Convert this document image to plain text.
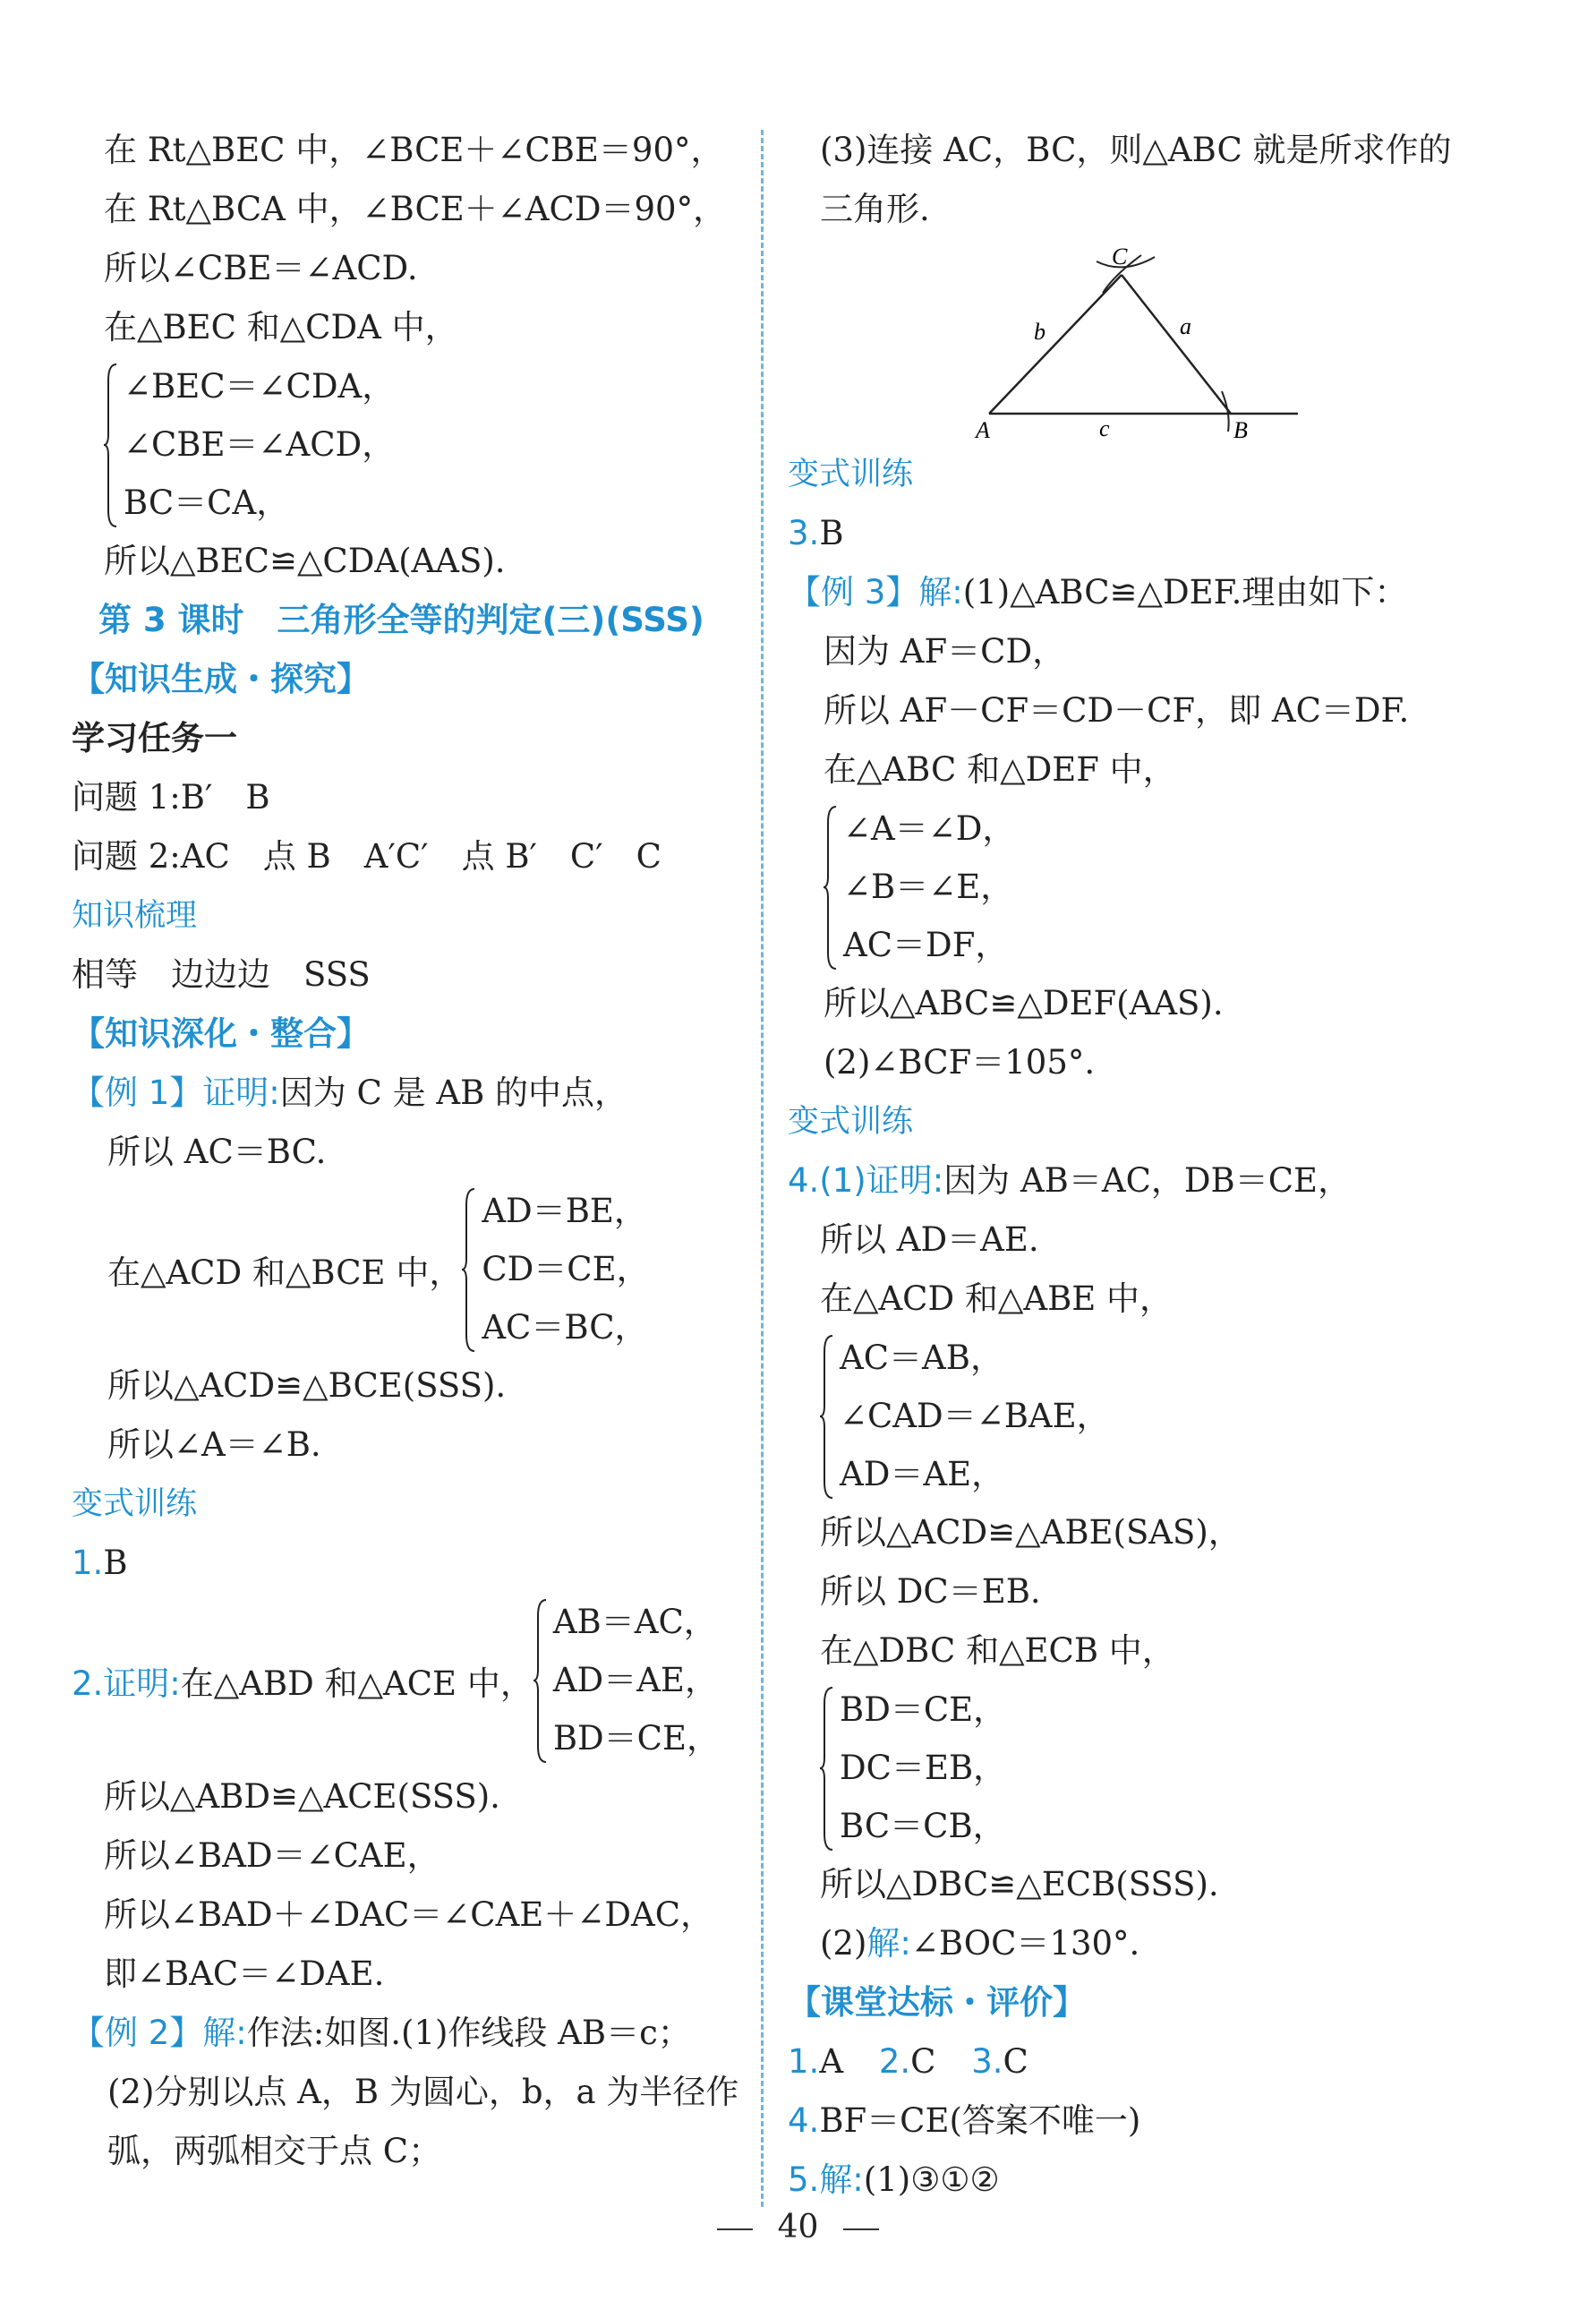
在 Rt△BEC 中，∠BCE＋∠CBE＝90°，
在 Rt△BCA 中，∠BCE＋∠ACD＝90°，
所以∠CBE＝∠ACD.
在△BEC 和△CDA 中，
∠BEC＝∠CDA，
∠CBE＝∠ACD，
BC＝CA，
所以△BEC≌△CDA(AAS).
第 3 课时　三角形全等的判定(三)(SSS)
【知识生成・探究】
学习任务一
问题 1:B′　B
问题 2:AC　点 B　A′C′　点 B′　C′　C
知识梳理
相等　边边边　SSS
【知识深化・整合】
【例 1】证明:因为 C 是 AB 的中点，
所以 AC＝BC.
在△ACD 和△BCE 中，
AD＝BE，
CD＝CE，
AC＝BC，
所以△ACD≌△BCE(SSS).
所以∠A＝∠B.
变式训练
1.B
2.证明:在△ABD 和△ACE 中，
AB＝AC，
AD＝AE，
BD＝CE，
所以△ABD≌△ACE(SSS).
所以∠BAD＝∠CAE，
所以∠BAD＋∠DAC＝∠CAE＋∠DAC，
即∠BAC＝∠DAE.
【例 2】解:作法:如图.(1)作线段 AB＝c；
(2)分别以点 A，B 为圆心，b，a 为半径作
弧，两弧相交于点 C；
(3)连接 AC，BC，则△ABC 就是所求作的
三角形.
A	B
C
a
b
c
变式训练
3.B
【例 3】解:(1)△ABC≌△DEF.理由如下：
因为 AF＝CD，
所以 AF－CF＝CD－CF，即 AC＝DF.
在△ABC 和△DEF 中，
∠A＝∠D，
∠B＝∠E，
AC＝DF，
所以△ABC≌△DEF(AAS).
(2)∠BCF＝105°.
变式训练
4.(1)证明:因为 AB＝AC，DB＝CE，
所以 AD＝AE.
在△ACD 和△ABE 中，
AC＝AB，
∠CAD＝∠BAE，
AD＝AE，
所以△ACD≌△ABE(SAS)，
所以 DC＝EB.
在△DBC 和△ECB 中，
BD＝CE，
DC＝EB，
BC＝CB，
所以△DBC≌△ECB(SSS).
(2)解:∠BOC＝130°.
【课堂达标・评价】
1.A 2.C 3.C
4.BF＝CE(答案不唯一)
5.解:(1)③①②
40
